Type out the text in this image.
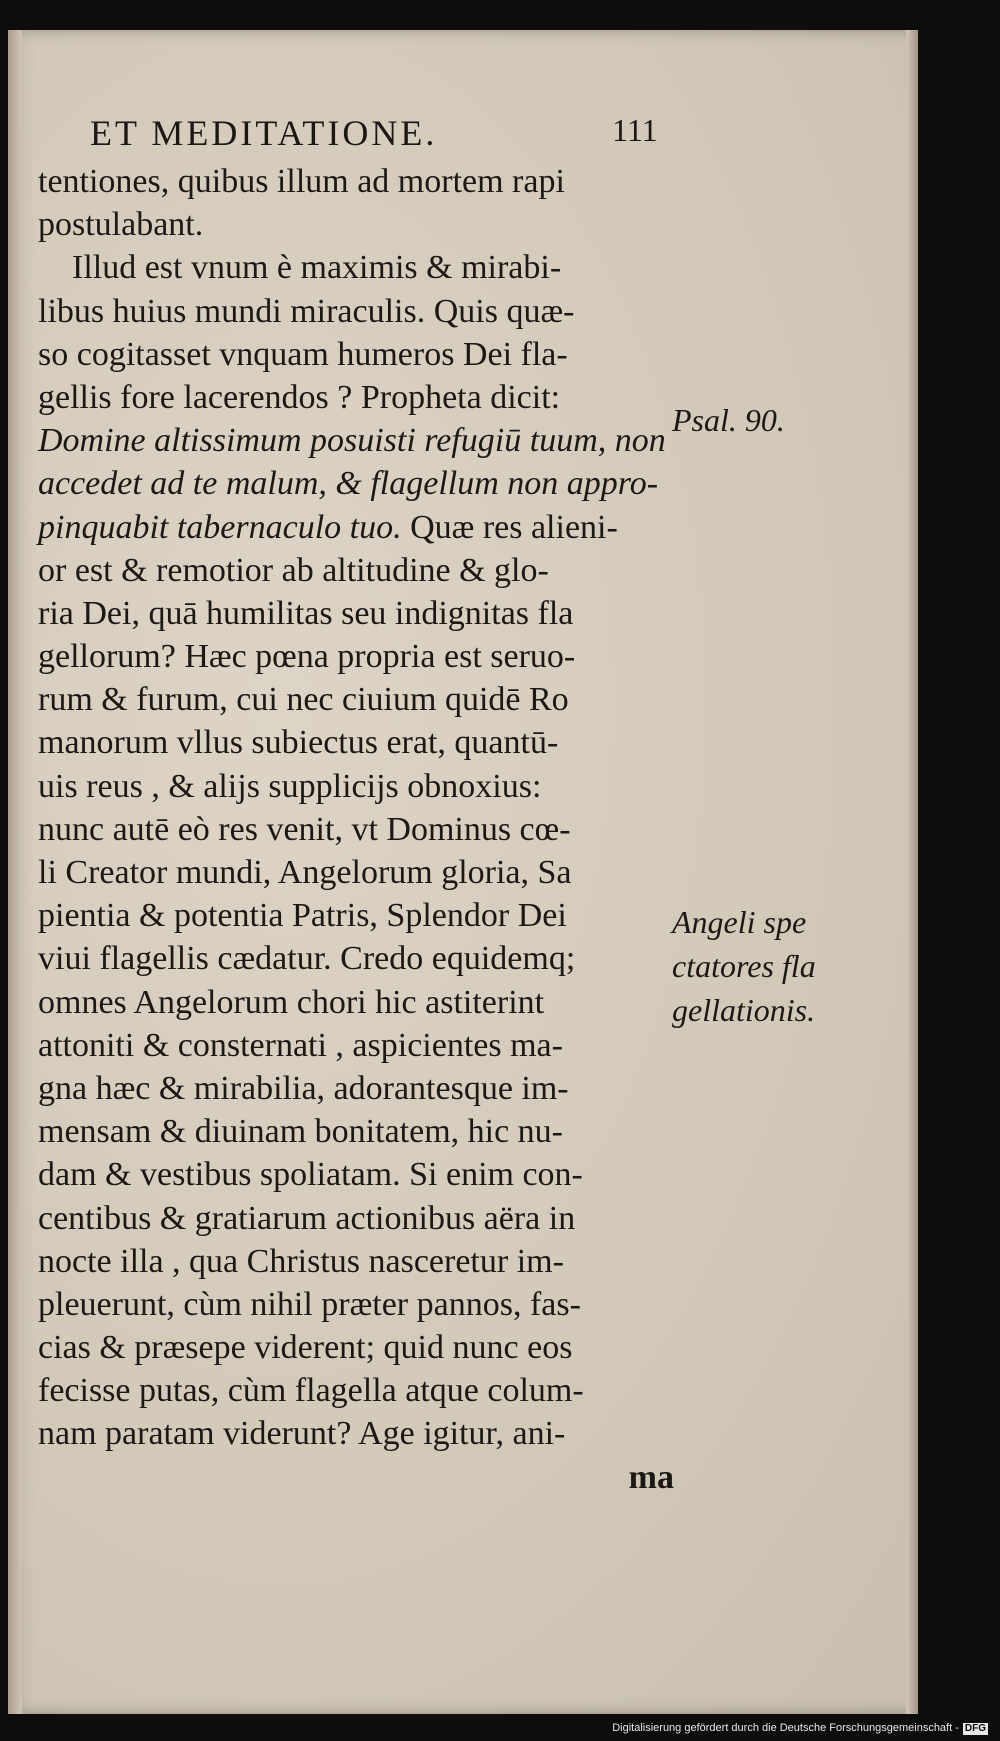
ET MEDITATIONE.	111
tentiones, quibus illum ad mortem rapi
postulabant.
Illud est vnum è maximis & mirabi-
libus huius mundi miraculis. Quis quæ-
so cogitasset vnquam humeros Dei fla-
gellis fore lacerendos ? Propheta dicit:
Domine altissimum posuisti refugiū tuum, non
accedet ad te malum, & flagellum non appro-
pinquabit tabernaculo tuo. Quæ res alieni-
or est & remotior ab altitudine & glo-
ria Dei, quā humilitas seu indignitas fla
gellorum? Hæc pœna propria est seruo-
rum & furum, cui nec ciuium quidē Ro
manorum vllus subiectus erat, quantū-
uis reus , & alijs supplicijs obnoxius:
nunc autē eò res venit, vt Dominus cœ-
li Creator mundi, Angelorum gloria, Sa
pientia & potentia Patris, Splendor Dei
viui flagellis cædatur. Credo equidemq;
omnes Angelorum chori hic astiterint
attoniti & consternati , aspicientes ma-
gna hæc & mirabilia, adorantesque im-
mensam & diuinam bonitatem, hic nu-
dam & vestibus spoliatam. Si enim con-
centibus & gratiarum actionibus aëra in
nocte illa , qua Christus nasceretur im-
pleuerunt, cùm nihil præter pannos, fas-
cias & præsepe viderent; quid nunc eos
fecisse putas, cùm flagella atque colum-
nam paratam viderunt? Age igitur, ani-
ma
Psal. 90.
Angeli spe
ctatores fla
gellationis.
Digitalisierung gefördert durch die Deutsche Forschungsgemeinschaft - DFG
